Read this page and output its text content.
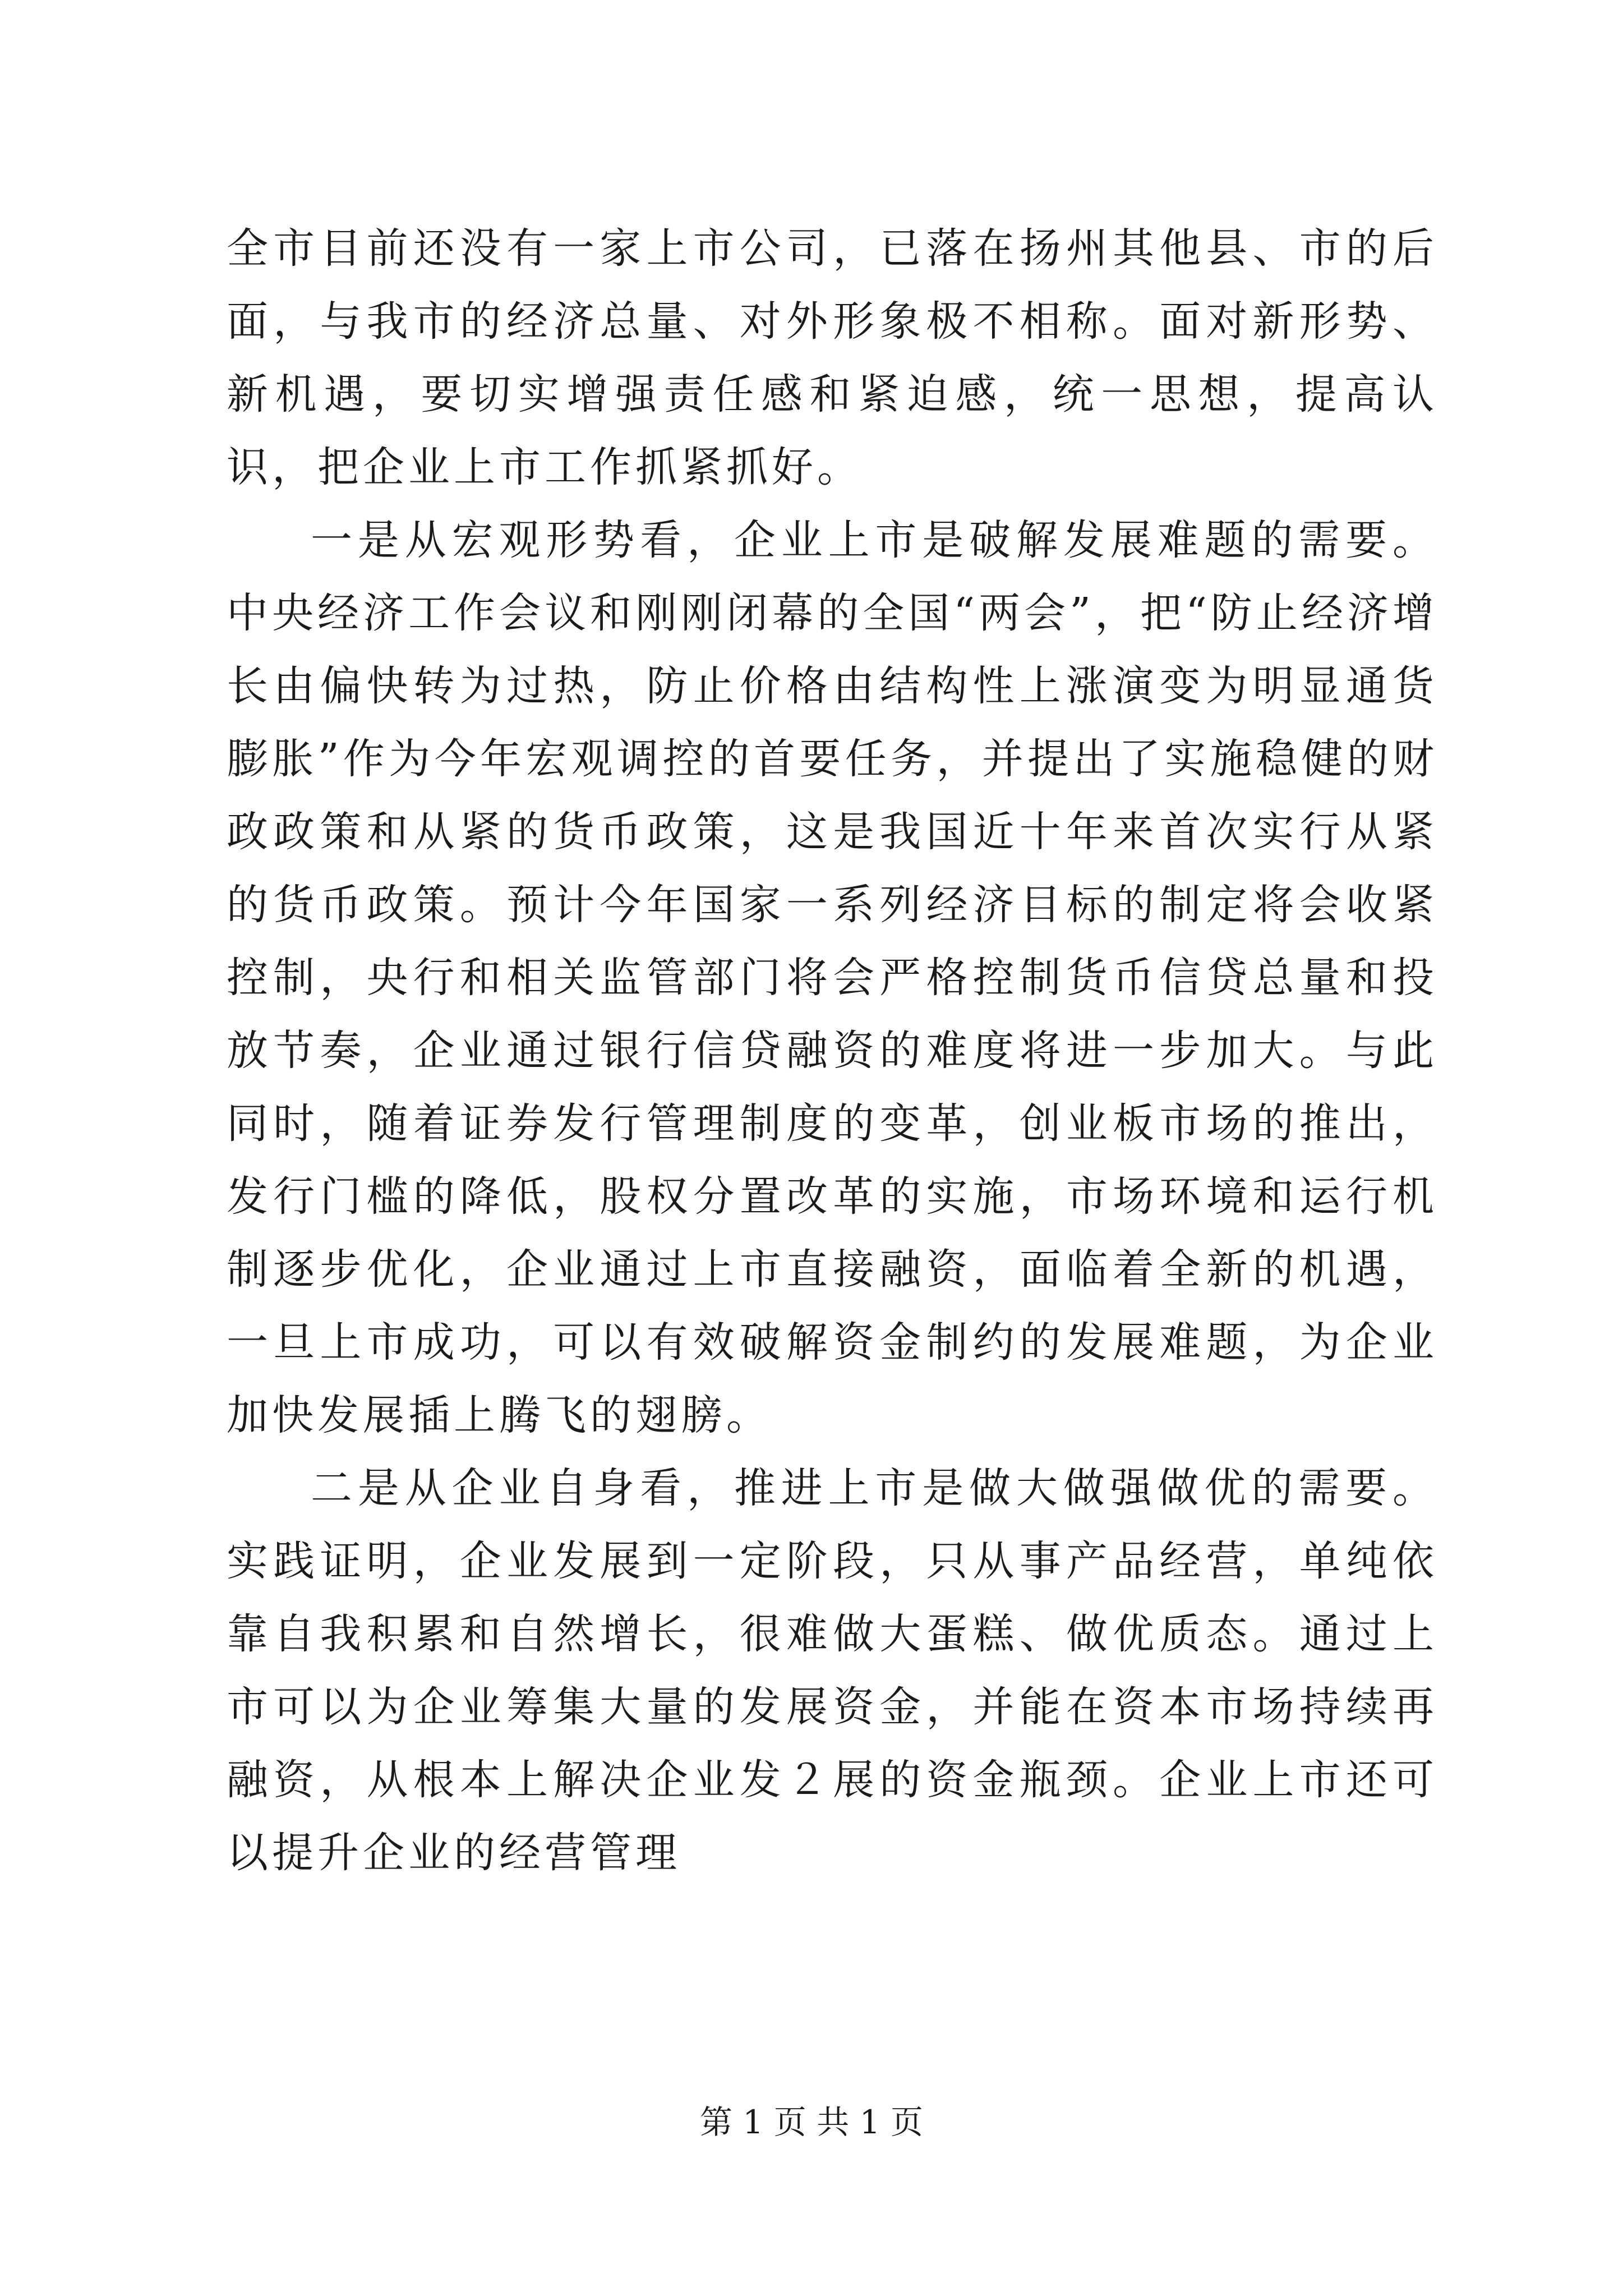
全市目前还没有一家上市公司，已落在扬州其他县、市的后面，与我市的经济总量、对外形象极不相称。面对新形势、新机遇，要切实增强责任感和紧迫感，统一思想，提高认识，把企业上市工作抓紧抓好。

一是从宏观形势看，企业上市是破解发展难题的需要。中央经济工作会议和刚刚闭幕的全国“两会”，把“防止经济增长由偏快转为过热，防止价格由结构性上涨演变为明显通货膨胀”作为今年宏观调控的首要任务，并提出了实施稳健的财政政策和从紧的货币政策，这是我国近十年来首次实行从紧的货币政策。预计今年国家一系列经济目标的制定将会收紧控制，央行和相关监管部门将会严格控制货币信贷总量和投放节奏，企业通过银行信贷融资的难度将进一步加大。与此同时，随着证券发行管理制度的变革，创业板市场的推出，发行门槛的降低，股权分置改革的实施，市场环境和运行机制逐步优化，企业通过上市直接融资，面临着全新的机遇，一旦上市成功，可以有效破解资金制约的发展难题，为企业加快发展插上腾飞的翅膀。

二是从企业自身看，推进上市是做大做强做优的需要。实践证明，企业发展到一定阶段，只从事产品经营，单纯依靠自我积累和自然增长，很难做大蛋糕、做优质态。通过上市可以为企业筹集大量的发展资金，并能在资本市场持续再融资，从根本上解决企业发２展的资金瓶颈。企业上市还可以提升企业的经营管理

第 1 页 共 1 页
